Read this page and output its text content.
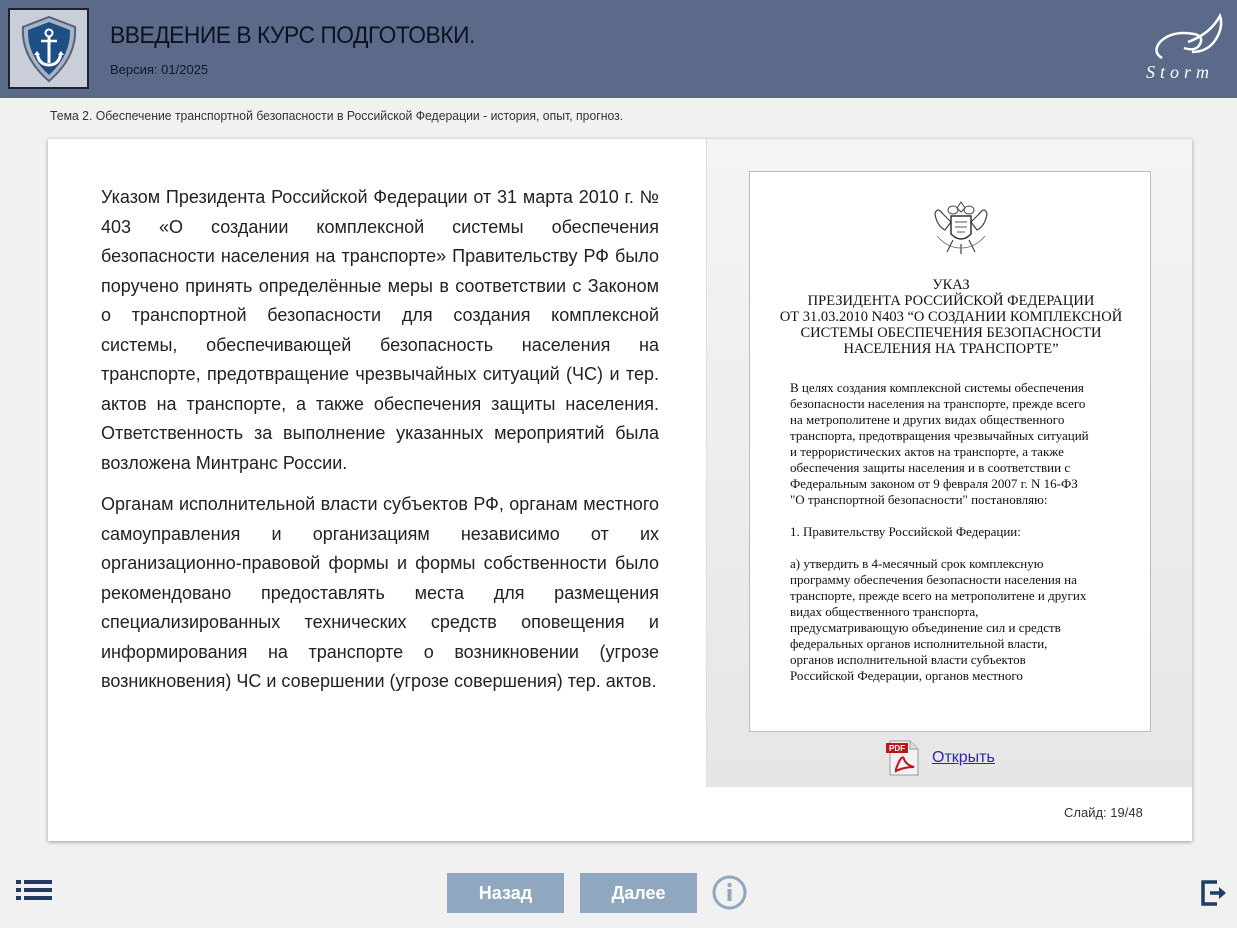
ВВЕДЕНИЕ В КУРС ПОДГОТОВКИ.
Версия: 01/2025	Storm
Тема 2. Обеспечение транспортной безопасности в Российской Федерации - история, опыт, прогноз.

Указом Президента Российской Федерации от 31 марта 2010 г. № 403 «О создании комплексной системы обеспечения безопасности населения на транспорте» Правительству РФ было поручено принять определённые меры в соответствии с Законом о транспортной безопасности для создания комплексной системы, обеспечивающей безопасность населения на транспорте, предотвращение чрезвычайных ситуаций (ЧС) и тер. актов на транспорте, а также обеспечения защиты населения. Ответственность за выполнение указанных мероприятий была возложена Минтранс России.

Органам исполнительной власти субъектов РФ, органам местного самоуправления и организациям независимо от их организационно-правовой формы и формы собственности было рекомендовано предоставлять места для размещения специализированных технических средств оповещения и информирования на транспорте о возникновении (угрозе возникновения) ЧС и совершении (угрозе совершения) тер. актов.

УКАЗ
ПРЕЗИДЕНТА РОССИЙСКОЙ ФЕДЕРАЦИИ
ОТ 31.03.2010 N403 “О СОЗДАНИИ КОМПЛЕКСНОЙ
СИСТЕМЫ ОБЕСПЕЧЕНИЯ БЕЗОПАСНОСТИ
НАСЕЛЕНИЯ НА ТРАНСПОРТЕ”

В целях создания комплексной системы обеспечения
безопасности населения на транспорте, прежде всего
на метрополитене и других видах общественного
транспорта, предотвращения чрезвычайных ситуаций
и террористических актов на транспорте, а также
обеспечения защиты населения и в соответствии с
Федеральным законом от 9 февраля 2007 г. N 16-ФЗ
"О транспортной безопасности" постановляю:

1. Правительству Российской Федерации:

а) утвердить в 4-месячный срок комплексную
программу обеспечения безопасности населения на
транспорте, прежде всего на метрополитене и других
видах общественного транспорта,
предусматривающую объединение сил и средств
федеральных органов исполнительной власти,
органов исполнительной власти субъектов
Российской Федерации, органов местного

PDF
Открыть
Слайд: 19/48
Назад	Далее
